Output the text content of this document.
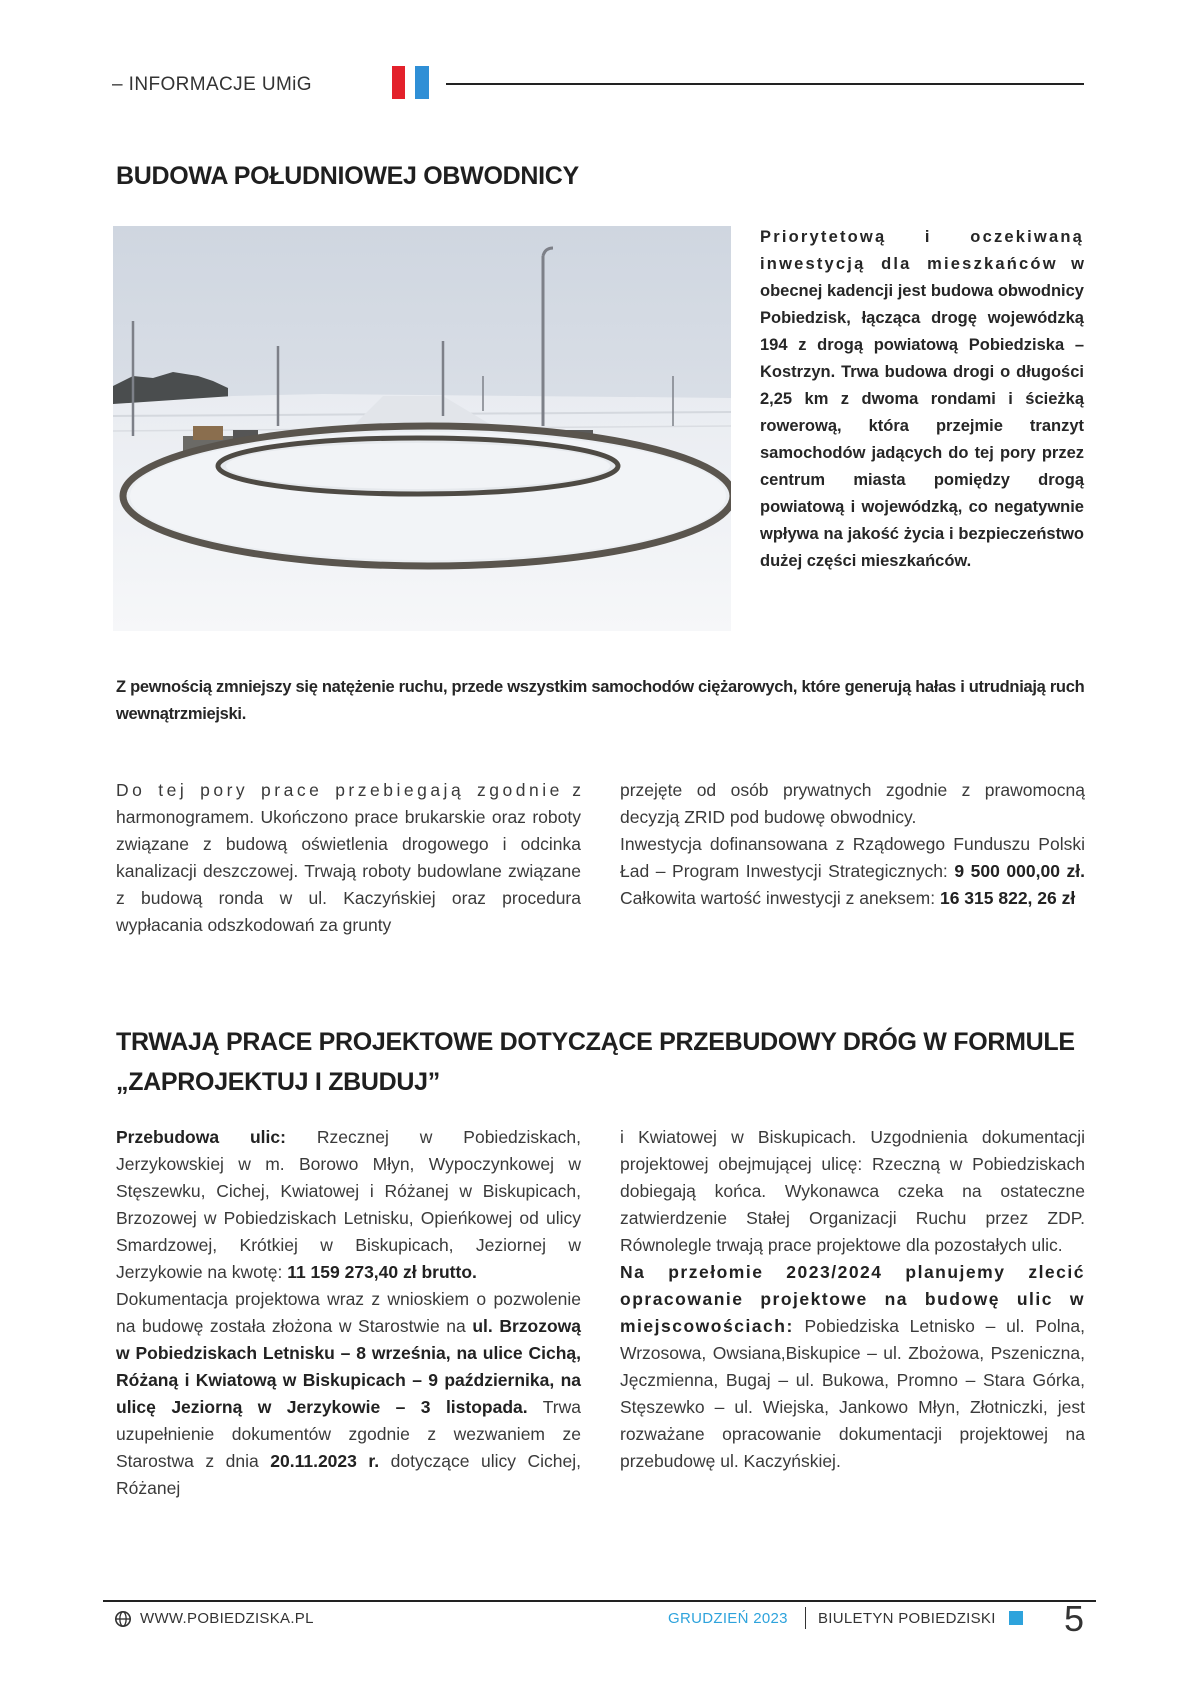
– INFORMACJE UMiG
BUDOWA POŁUDNIOWEJ OBWODNICY
Priorytetową i oczekiwaną inwestycją dla mieszkańców w obecnej kadencji jest budowa obwodnicy Pobiedzisk, łącząca drogę wojewódzką 194 z drogą powiatową Pobiedziska – Kostrzyn. Trwa budowa drogi o długości 2,25 km z dwoma rondami i ścieżką rowerową, która przejmie tranzyt samochodów jadących do tej pory przez centrum miasta pomiędzy drogą powiatową i wojewódzką, co negatywnie wpływa na jakość życia i bezpieczeństwo dużej części mieszkańców.
Z pewnością zmniejszy się natężenie ruchu, przede wszystkim samochodów ciężarowych, które generują hałas i utrudniają ruch wewnątrzmiejski.

Do tej pory prace przebiegają zgodnie z harmonogramem. Ukończono prace brukarskie oraz roboty związane z budową oświetlenia drogowego i odcinka kanalizacji deszczowej. Trwają roboty budowlane związane z budową ronda w ul. Kaczyńskiej oraz procedura wypłacania odszkodowań za grunty

przejęte od osób prywatnych zgodnie z prawomocną decyzją ZRID pod budowę obwodnicy.

Inwestycja dofinansowana z Rządowego Funduszu Polski Ład – Program Inwestycji Strategicznych: 9 500 000,00 zł. Całkowita wartość inwestycji z aneksem: 16 315 822, 26 zł

TRWAJĄ PRACE PROJEKTOWE DOTYCZĄCE PRZEBUDOWY DRÓG W FORMULE „ZAPROJEKTUJ I ZBUDUJ”

Przebudowa ulic: Rzecznej w Pobiedziskach, Jerzykowskiej w m. Borowo Młyn, Wypoczynkowej w Stęszewku, Cichej, Kwiatowej i Różanej w Biskupicach, Brzozowej w Pobiedziskach Letnisku, Opieńkowej od ulicy Smardzowej, Krótkiej w Biskupicach, Jeziornej w Jerzykowie na kwotę: 11 159 273,40 zł brutto.

Dokumentacja projektowa wraz z wnioskiem o pozwolenie na budowę została złożona w Starostwie na ul. Brzozową w Pobiedziskach Letnisku – 8 września, na ulice Cichą, Różaną i Kwiatową w Biskupicach – 9 października, na ulicę Jeziorną w Jerzykowie – 3 listopada. Trwa uzupełnienie dokumentów zgodnie z wezwaniem ze Starostwa z dnia 20.11.2023 r. dotyczące ulicy Cichej, Różanej

i Kwiatowej w Biskupicach. Uzgodnienia dokumentacji projektowej obejmującej ulicę: Rzeczną w Pobiedziskach dobiegają końca. Wykonawca czeka na ostateczne zatwierdzenie Stałej Organizacji Ruchu przez ZDP. Równolegle trwają prace projektowe dla pozostałych ulic.

Na przełomie 2023/2024 planujemy zlecić opracowanie projektowe na budowę ulic w miejscowościach: Pobiedziska Letnisko – ul. Polna, Wrzosowa, Owsiana,Biskupice – ul. Zbożowa, Pszeniczna, Jęczmienna, Bugaj – ul. Bukowa, Promno – Stara Górka, Stęszewko – ul. Wiejska, Jankowo Młyn, Złotniczki, jest rozważane opracowanie dokumentacji projektowej na przebudowę ul. Kaczyńskiej.

WWW.POBIEDZISKA.PL	GRUDZIEŃ 2023 BIULETYN POBIEDZISKI 5
